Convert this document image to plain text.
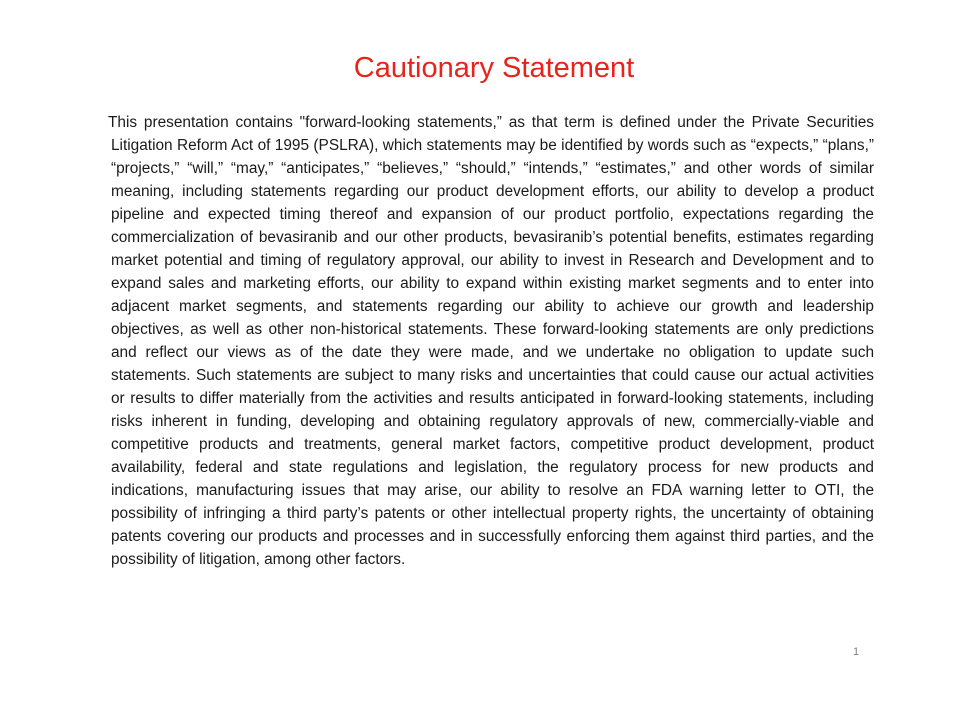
Cautionary Statement

This presentation contains "forward-looking statements,” as that term is defined under the Private Securities Litigation Reform Act of 1995 (PSLRA), which statements may be identified by words such as “expects,” “plans,” “projects,” “will,” “may,” “anticipates,” “believes,” “should,” “intends,” “estimates,” and other words of similar meaning, including statements regarding our product development efforts, our ability to develop a product pipeline and expected timing thereof and expansion of our product portfolio, expectations regarding the commercialization of bevasiranib and our other products, bevasiranib’s potential benefits, estimates regarding market potential and timing of regulatory approval, our ability to invest in Research and Development and to expand sales and marketing efforts, our ability to expand within existing market segments and to enter into adjacent market segments, and statements regarding our ability to achieve our growth and leadership objectives, as well as other non-historical statements. These forward-looking statements are only predictions and reflect our views as of the date they were made, and we undertake no obligation to update such statements. Such statements are subject to many risks and uncertainties that could cause our actual activities or results to differ materially from the activities and results anticipated in forward-looking statements, including risks inherent in funding, developing and obtaining regulatory approvals of new, commercially-viable and competitive products and treatments, general market factors, competitive product development, product availability, federal and state regulations and legislation, the regulatory process for new products and indications, manufacturing issues that may arise, our ability to resolve an FDA warning letter to OTI, the possibility of infringing a third party’s patents or other intellectual property rights, the uncertainty of obtaining patents covering our products and processes and in successfully enforcing them against third parties, and the possibility of litigation, among other factors.

1
